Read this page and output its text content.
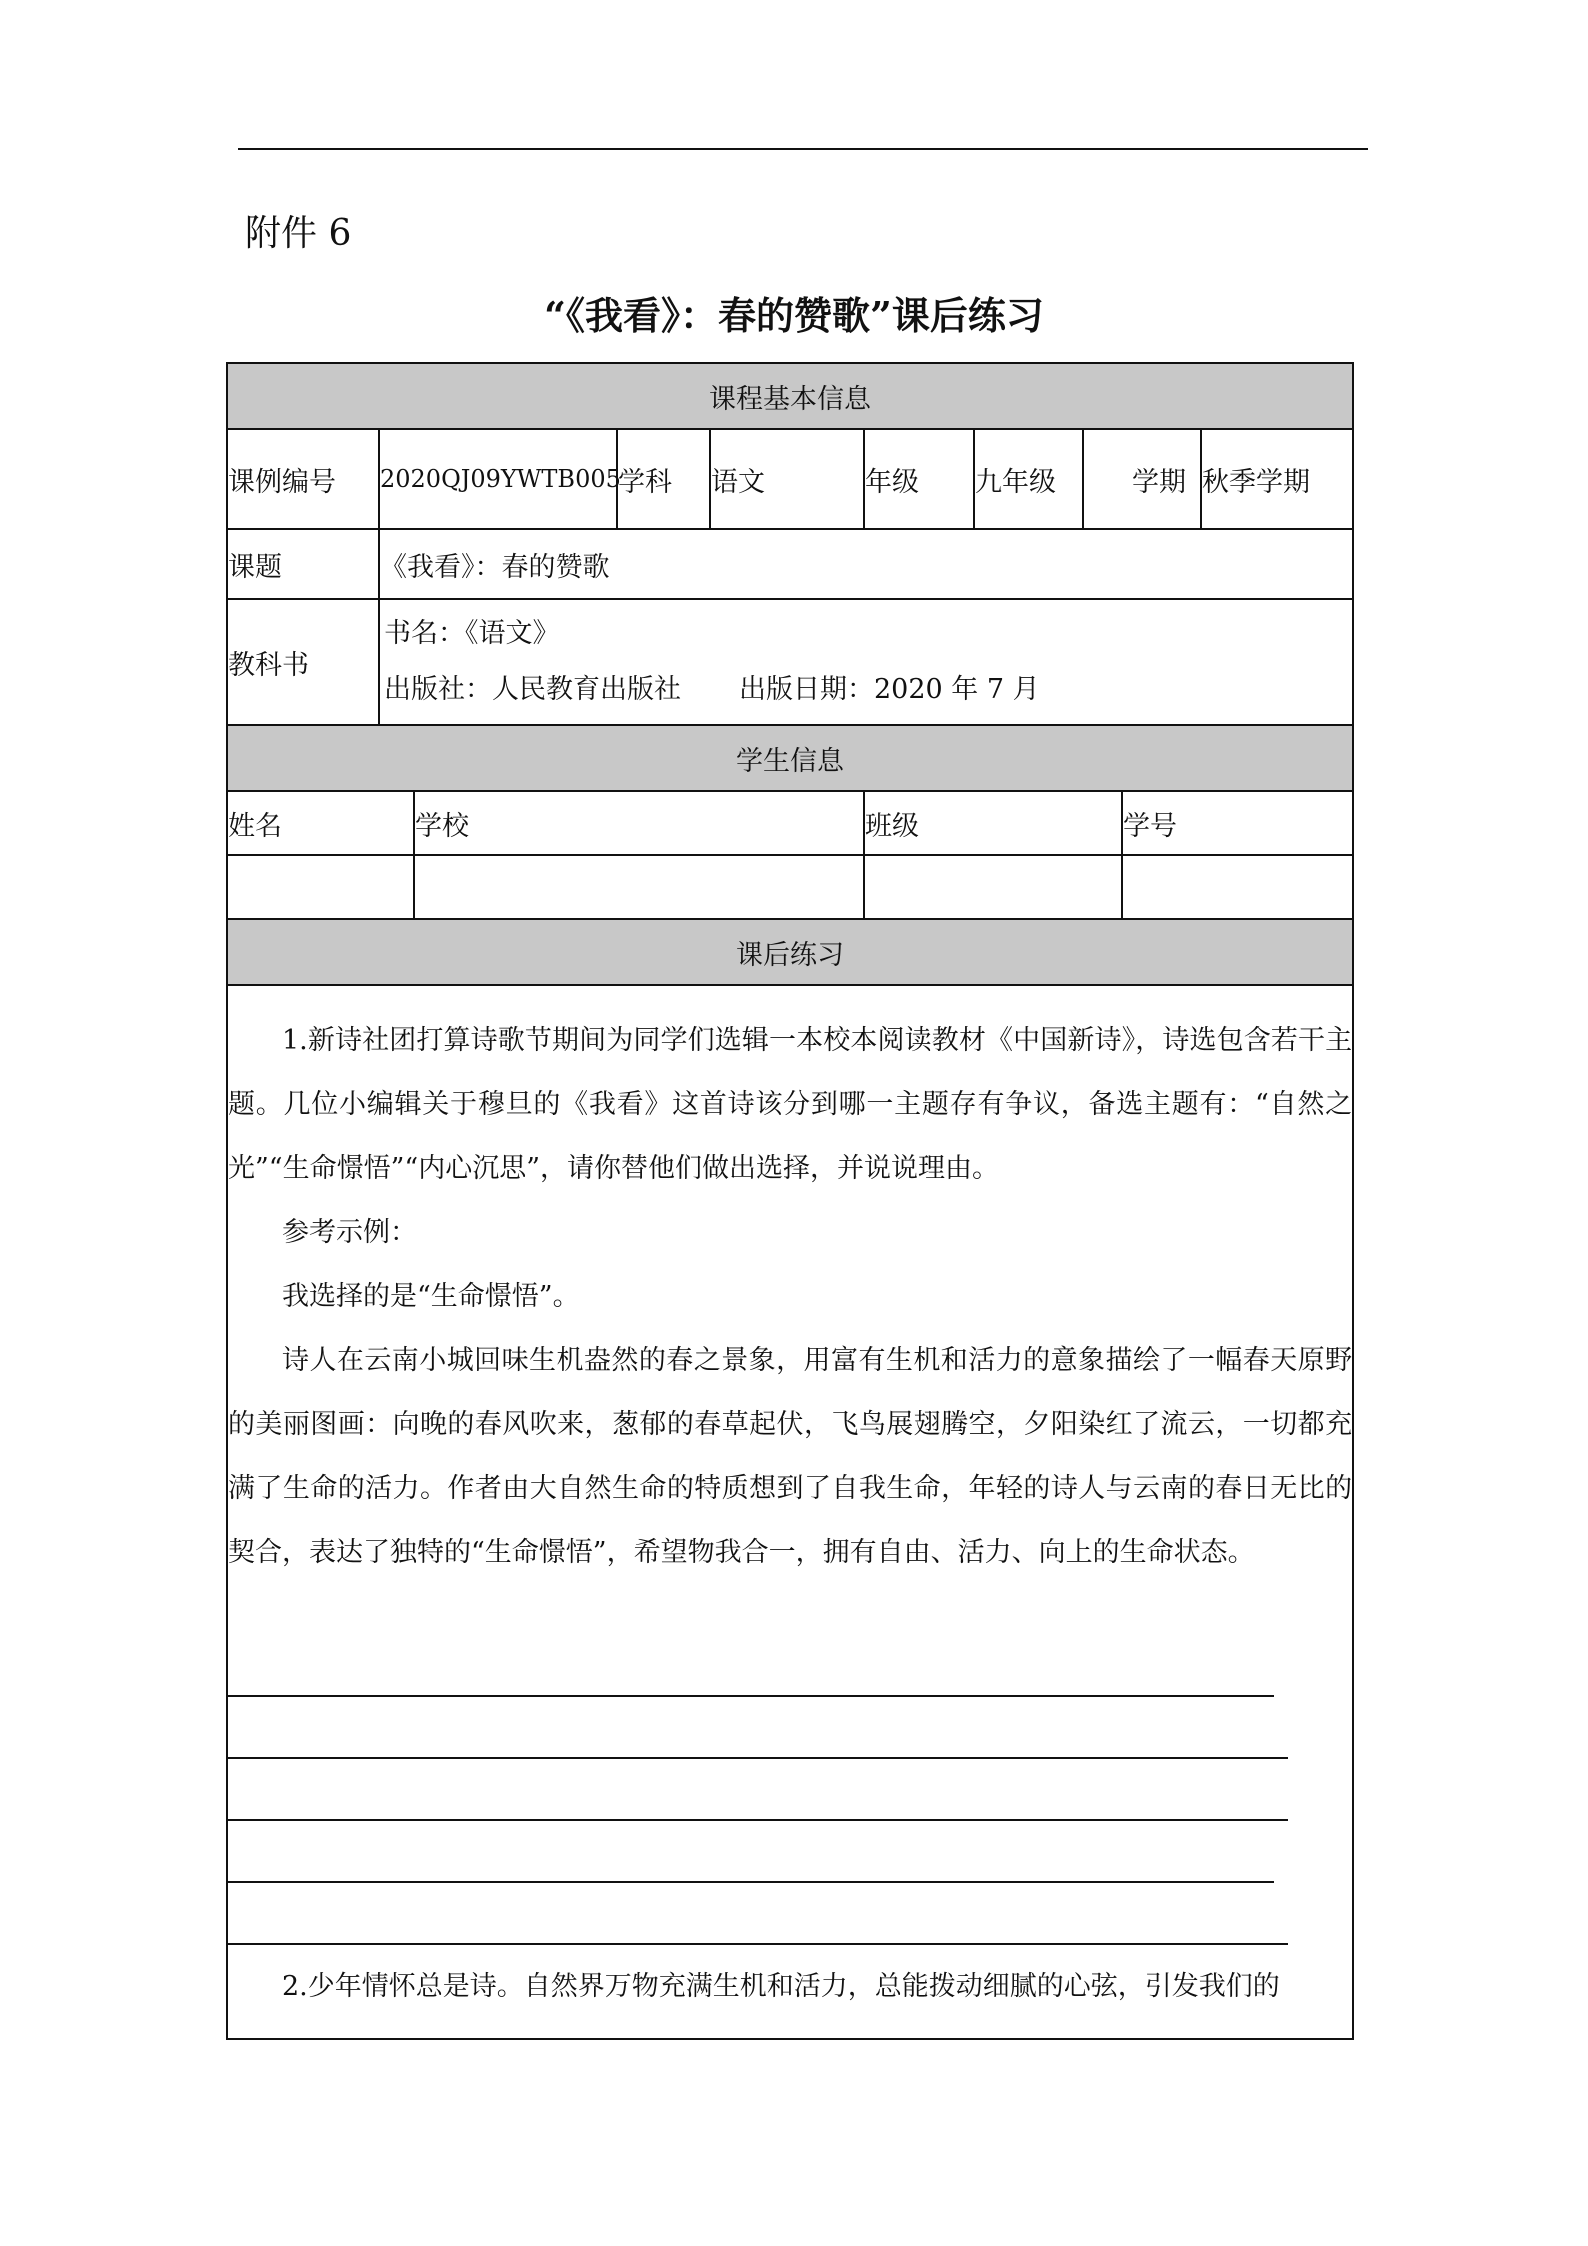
附件 6
“《我看》：春的赞歌”课后练习
课程基本信息									
课例编号	2020QJ09YWTB005		学科	语文	年级	九年级	学期		秋季学期
课题	《我看》：春的赞歌								
教科书	书名：《语文》
出版社：人民教育出版社 出版日期：2020 年 7 月								

学生信息									
姓名		学校			班级			学号	

课后练习									

1.新诗社团打算诗歌节期间为同学们选辑一本校本阅读教材《中国新诗》，诗选包含若干主题。几位小编辑关于穆旦的《我看》这首诗该分到哪一主题存有争议，备选主题有：“自然之光”“生命憬悟”“内心沉思”，请你替他们做出选择，并说说理由。

参考示例：

我选择的是“生命憬悟”。

诗人在云南小城回味生机盎然的春之景象，用富有生机和活力的意象描绘了一幅春天原野的美丽图画：向晚的春风吹来，葱郁的春草起伏，飞鸟展翅腾空，夕阳染红了流云，一切都充满了生命的活力。作者由大自然生命的特质想到了自我生命，年轻的诗人与云南的春日无比的契合，表达了独特的“生命憬悟”，希望物我合一，拥有自由、活力、向上的生命状态。

2.少年情怀总是诗。自然界万物充满生机和活力，总能拨动细腻的心弦，引发我们的									
